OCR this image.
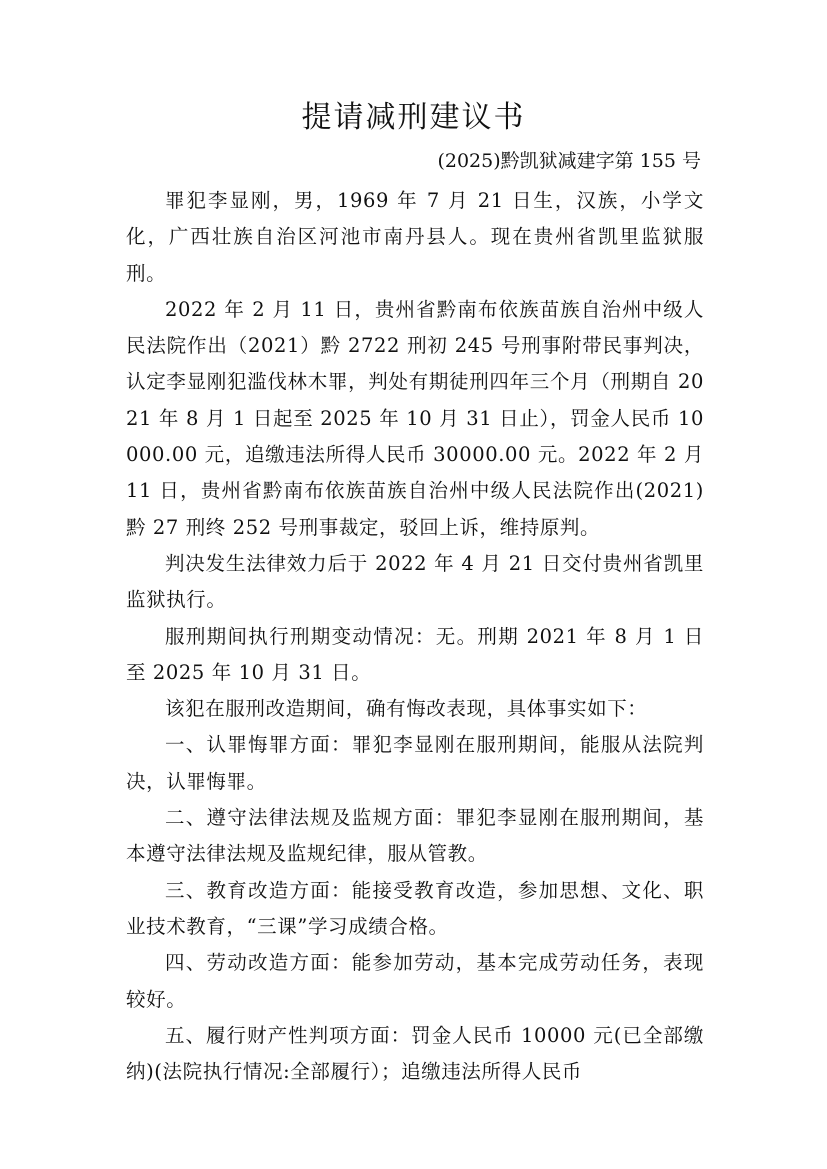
提请减刑建议书
(2025)黔凯狱减建字第 155 号

罪犯李显刚，男，1969 年 7 月 21 日生，汉族，小学文化，广西壮族自治区河池市南丹县人。现在贵州省凯里监狱服刑。

2022 年 2 月 11 日，贵州省黔南布依族苗族自治州中级人民法院作出（2021）黔 2722 刑初 245 号刑事附带民事判决，认定李显刚犯滥伐林木罪，判处有期徒刑四年三个月（刑期自 2021 年 8 月 1 日起至 2025 年 10 月 31 日止），罚金人民币 10000.00 元，追缴违法所得人民币 30000.00 元。2022 年 2 月 11 日，贵州省黔南布依族苗族自治州中级人民法院作出(2021)黔 27 刑终 252 号刑事裁定，驳回上诉，维持原判。

判决发生法律效力后于 2022 年 4 月 21 日交付贵州省凯里监狱执行。

服刑期间执行刑期变动情况：无。刑期 2021 年 8 月 1 日至 2025 年 10 月 31 日。

该犯在服刑改造期间，确有悔改表现，具体事实如下：

一、认罪悔罪方面：罪犯李显刚在服刑期间，能服从法院判决，认罪悔罪。

二、遵守法律法规及监规方面：罪犯李显刚在服刑期间，基本遵守法律法规及监规纪律，服从管教。

三、教育改造方面：能接受教育改造，参加思想、文化、职业技术教育，“三课”学习成绩合格。

四、劳动改造方面：能参加劳动，基本完成劳动任务，表现较好。

五、履行财产性判项方面：罚金人民币 10000 元(已全部缴纳)(法院执行情况:全部履行）；追缴违法所得人民币
